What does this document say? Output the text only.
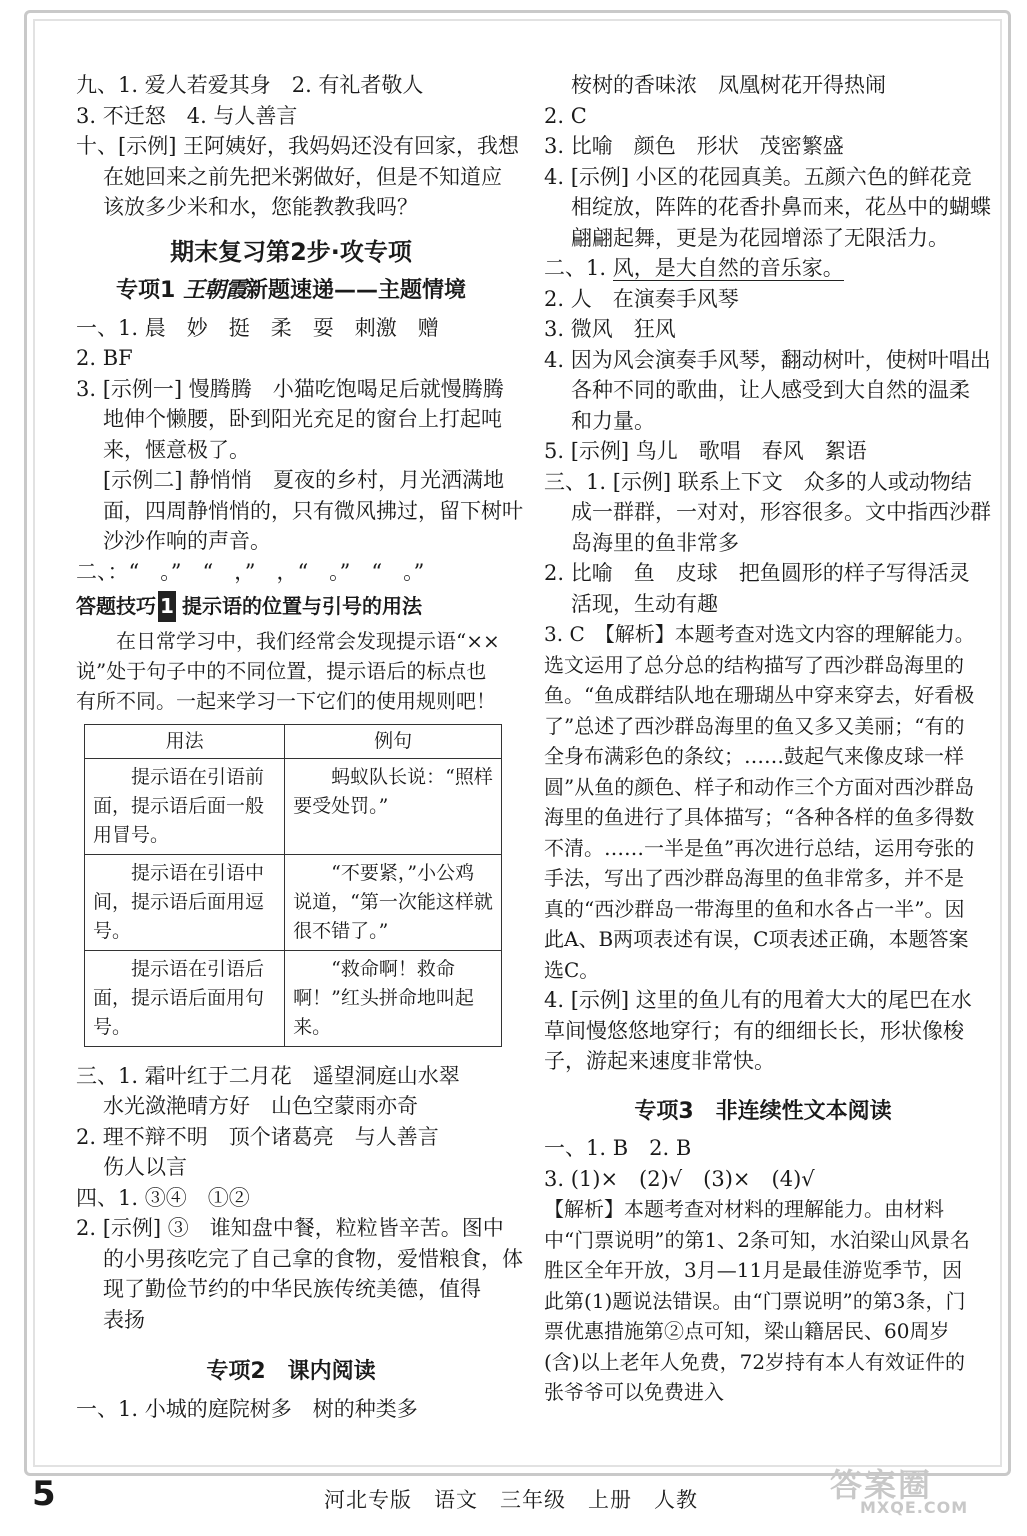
九、1. 爱人若爱其身　2. 有礼者敬人
3. 不迁怒　4. 与人善言
十、[示例] 王阿姨好，我妈妈还没有回家，我想
在她回来之前先把米粥做好，但是不知道应
该放多少米和水，您能教教我吗？
期末复习第2步·攻专项
专项1 王朝霞新题速递——主题情境
一、1. 晨　妙　挺　柔　耍　刺激　赠
2. BF
3. [示例一] 慢腾腾　小猫吃饱喝足后就慢腾腾
地伸个懒腰，卧到阳光充足的窗台上打起吨
来，惬意极了。
[示例二] 静悄悄　夏夜的乡村，月光洒满地
面，四周静悄悄的，只有微风拂过，留下树叶
沙沙作响的声音。
二、：“　。”　“　，”　，“　。”　“　。”
答题技巧 1 提示语的位置与引号的用法

在日常学习中，我们经常会发现提示语“××说”处于句子中的不同位置，提示语后的标点也有所不同。一起来学习一下它们的使用规则吧！

用法	例句
提示语在引语前面，提示语后面一般用冒号。	蚂蚁队长说：“照样要受处罚。”
提示语在引语中间，提示语后面用逗号。	“不要紧，”小公鸡说道，“第一次能这样就很不错了。”
提示语在引语后面，提示语后面用句号。	“救命啊！救命啊！”红头拼命地叫起来。
三、1. 霜叶红于二月花　遥望洞庭山水翠
水光潋滟晴方好　山色空蒙雨亦奇
2. 理不辩不明　顶个诸葛亮　与人善言
伤人以言
四、1. ③④　①②
2. [示例] ③　谁知盘中餐，粒粒皆辛苦。图中
的小男孩吃完了自己拿的食物，爱惜粮食，体
现了勤俭节约的中华民族传统美德，值得
表扬
专项2　课内阅读
一、1. 小城的庭院树多　树的种类多
桉树的香味浓　凤凰树花开得热闹
2. C
3. 比喻　颜色　形状　茂密繁盛
4. [示例] 小区的花园真美。五颜六色的鲜花竞
相绽放，阵阵的花香扑鼻而来，花丛中的蝴蝶
翩翩起舞，更是为花园增添了无限活力。
二、1. 风，是大自然的音乐家。
2. 人　在演奏手风琴
3. 微风　狂风
4. 因为风会演奏手风琴，翻动树叶，使树叶唱出
各种不同的歌曲，让人感受到大自然的温柔
和力量。
5. [示例] 鸟儿　歌唱　春风　絮语
三、1. [示例] 联系上下文　众多的人或动物结
成一群群，一对对，形容很多。文中指西沙群
岛海里的鱼非常多
2. 比喻　鱼　皮球　把鱼圆形的样子写得活灵
活现，生动有趣
3. C　【解析】本题考查对选文内容的理解能力。选文运用了总分总的结构描写了西沙群岛海里的鱼。“鱼成群结队地在珊瑚丛中穿来穿去，好看极了”总述了西沙群岛海里的鱼又多又美丽；“有的全身布满彩色的条纹；……鼓起气来像皮球一样圆”从鱼的颜色、样子和动作三个方面对西沙群岛海里的鱼进行了具体描写；“各种各样的鱼多得数不清。……一半是鱼”再次进行总结，运用夸张的手法，写出了西沙群岛海里的鱼非常多，并不是真的“西沙群岛一带海里的鱼和水各占一半”。因此A、B两项表述有误，C项表述正确，本题答案选C。
4. [示例] 这里的鱼儿有的甩着大大的尾巴在水草间慢悠悠地穿行；有的细细长长，形状像梭子，游起来速度非常快。
专项3　非连续性文本阅读
一、1. B　2. B
3. (1)×　(2)√　(3)×　(4)√
【解析】本题考查对材料的理解能力。由材料中“门票说明”的第1、2条可知，水泊梁山风景名胜区全年开放，3月—11月是最佳游览季节，因此第(1)题说法错误。由“门票说明”的第3条，门票优惠措施第②点可知，梁山籍居民、60周岁(含)以上老年人免费，72岁持有本人有效证件的张爷爷可以免费进入
5	河北专版　语文　三年级　上册　人教	答案圈
MXQE.COM
